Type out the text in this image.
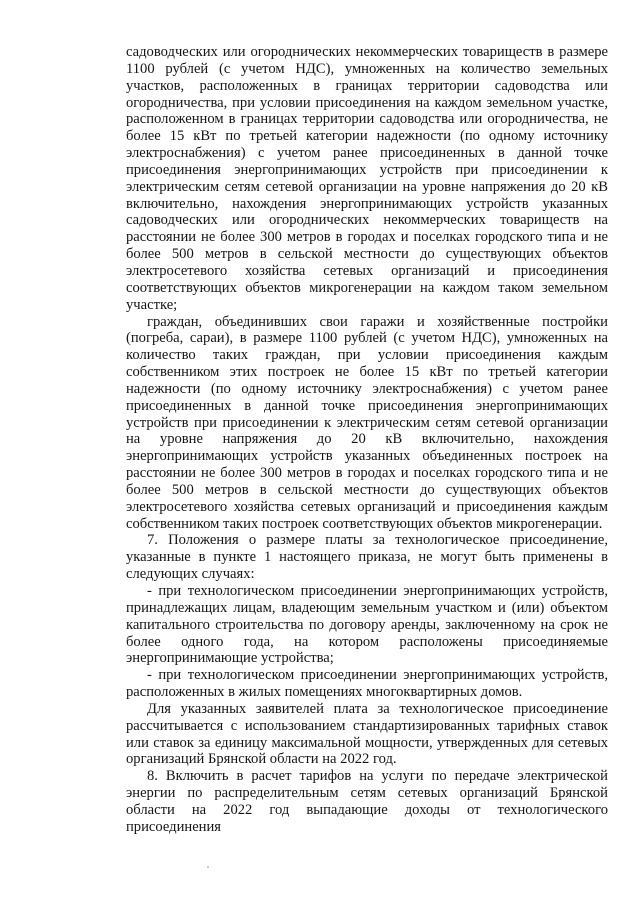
садоводческих или огороднических некоммерческих товариществ в размере 1100 рублей (с учетом НДС), умноженных на количество земельных участков, расположенных в границах территории садоводства или огородничества, при условии присоединения на каждом земельном участке, расположенном в границах территории садоводства или огородничества, не более 15 кВт по третьей категории надежности (по одному источнику электроснабжения) с учетом ранее присоединенных в данной точке присоединения энергопринимающих устройств при присоединении к электрическим сетям сетевой организации на уровне напряжения до 20 кВ включительно, нахождения энергопринимающих устройств указанных садоводческих или огороднических некоммерческих товариществ на расстоянии не более 300 метров в городах и поселках городского типа и не более 500 метров в сельской местности до существующих объектов электросетевого хозяйства сетевых организаций и присоединения соответствующих объектов микрогенерации на каждом таком земельном участке;

граждан, объединивших свои гаражи и хозяйственные постройки (погреба, сараи), в размере 1100 рублей (с учетом НДС), умноженных на количество таких граждан, при условии присоединения каждым собственником этих построек не более 15 кВт по третьей категории надежности (по одному источнику электроснабжения) с учетом ранее присоединенных в данной точке присоединения энергопринимающих устройств при присоединении к электрическим сетям сетевой организации на уровне напряжения до 20 кВ включительно, нахождения энергопринимающих устройств указанных объединенных построек на расстоянии не более 300 метров в городах и поселках городского типа и не более 500 метров в сельской местности до существующих объектов электросетевого хозяйства сетевых организаций и присоединения каждым собственником таких построек соответствующих объектов микрогенерации.

7. Положения о размере платы за технологическое присоединение, указанные в пункте 1 настоящего приказа, не могут быть применены в следующих случаях:

- при технологическом присоединении энергопринимающих устройств, принадлежащих лицам, владеющим земельным участком и (или) объектом капитального строительства по договору аренды, заключенному на срок не более одного года, на котором расположены присоединяемые энергопринимающие устройства;

- при технологическом присоединении энергопринимающих устройств, расположенных в жилых помещениях многоквартирных домов.

Для указанных заявителей плата за технологическое присоединение рассчитывается с использованием стандартизированных тарифных ставок или ставок за единицу максимальной мощности, утвержденных для сетевых организаций Брянской области на 2022 год.

8. Включить в расчет тарифов на услуги по передаче электрической энергии по распределительным сетям сетевых организаций Брянской области на 2022 год выпадающие доходы от технологического присоединения
